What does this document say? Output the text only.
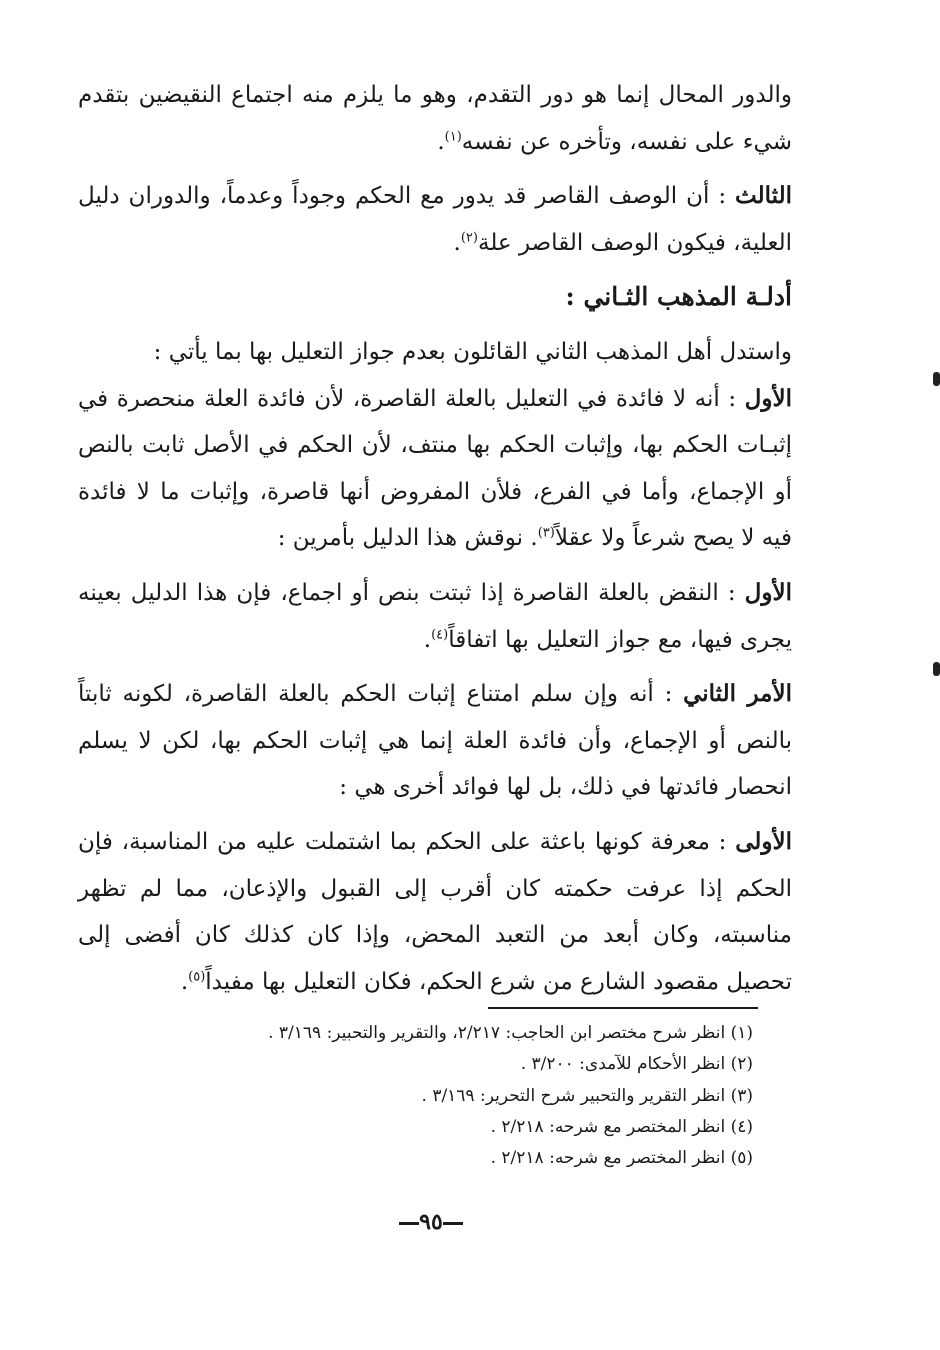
والدور المحال إنما هو دور التقدم، وهو ما يلزم منه اجتماع النقيضين بتقدم شيء على نفسه، وتأخره عن نفسه$^{(١)}$.

الثالث : أن الوصف القاصر قد يدور مع الحكم وجوداً وعدماً، والدوران دليل العلية، فيكون الوصف القاصر علة$^{(٢)}$.

أدلـة المذهب الثـاني :

واستدل أهل المذهب الثاني القائلون بعدم جواز التعليل بها بما يأتي :

الأول : أنه لا فائدة في التعليل بالعلة القاصرة، لأن فائدة العلة منحصرة في إثبـات الحكم بها، وإثبات الحكم بها منتف، لأن الحكم في الأصل ثابت بالنص أو الإجماع، وأما في الفرع، فلأن المفروض أنها قاصرة، وإثبات ما لا فائدة فيه لا يصح شرعاً ولا عقلاً$^{(٣)}$. نوقش هذا الدليل بأمرين :

الأول : النقض بالعلة القاصرة إذا ثبتت بنص أو اجماع، فإن هذا الدليل بعينه يجرى فيها، مع جواز التعليل بها اتفاقاً$^{(٤)}$.

الأمر الثاني : أنه وإن سلم امتناع إثبات الحكم بالعلة القاصرة، لكونه ثابتاً بالنص أو الإجماع، وأن فائدة العلة إنما هي إثبات الحكم بها، لكن لا يسلم انحصار فائدتها في ذلك، بل لها فوائد أخرى هي :

الأولى : معرفة كونها باعثة على الحكم بما اشتملت عليه من المناسبة، فإن الحكم إذا عرفت حكمته كان أقرب إلى القبول والإذعان، مما لم تظهر مناسبته، وكان أبعد من التعبد المحض، وإذا كان كذلك كان أفضى إلى تحصيل مقصود الشارع من شرع الحكم، فكان التعليل بها مفيداً$^{(٥)}$.

(١) انظر شرح مختصر ابن الحاجب: ٢/٢١٧، والتقرير والتحبير: ٣/١٦٩ .
(٢) انظر الأحكام للآمدى: ٣/٢٠٠ .
(٣) انظر التقرير والتحبير شرح التحرير: ٣/١٦٩ .
(٤) انظر المختصر مع شرحه: ٢/٢١٨ .
(٥) انظر المختصر مع شرحه: ٢/٢١٨ .
٩٥
